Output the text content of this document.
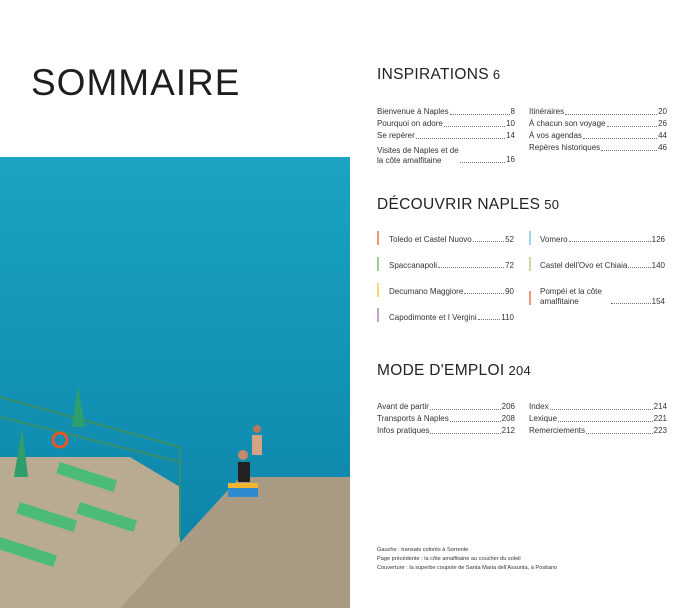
SOMMAIRE	INSPIRATIONS 6
Bienvenue à Naples	8
Pourquoi on adore	10
Se repérer	14
Visites de Naples et de la côte amalfitaine	16
Itinéraires	20
À chacun son voyage	26
À vos agendas	44
Repères historiques	46
DÉCOUVRIR NAPLES 50
Toledo et Castel Nuovo	52
Spaccanapoli	72
Decumano Maggiore	90
Capodimonte et I Vergini	110
Vomero	126
Castel dell'Ovo et Chiaia	140
Pompéi et la côte amalfitaine	154
MODE D'EMPLOI 204
Avant de partir	206
Transports à Naples	208
Infos pratiques	212
Index	214
Lexique	221
Remerciements	223
Gauche : transats colorés à Sorrente
Page précédente : la côte amalfitaine au coucher du soleil
Couverture : la superbe coupole de Santa Maria dell'Assunta, à Positano
